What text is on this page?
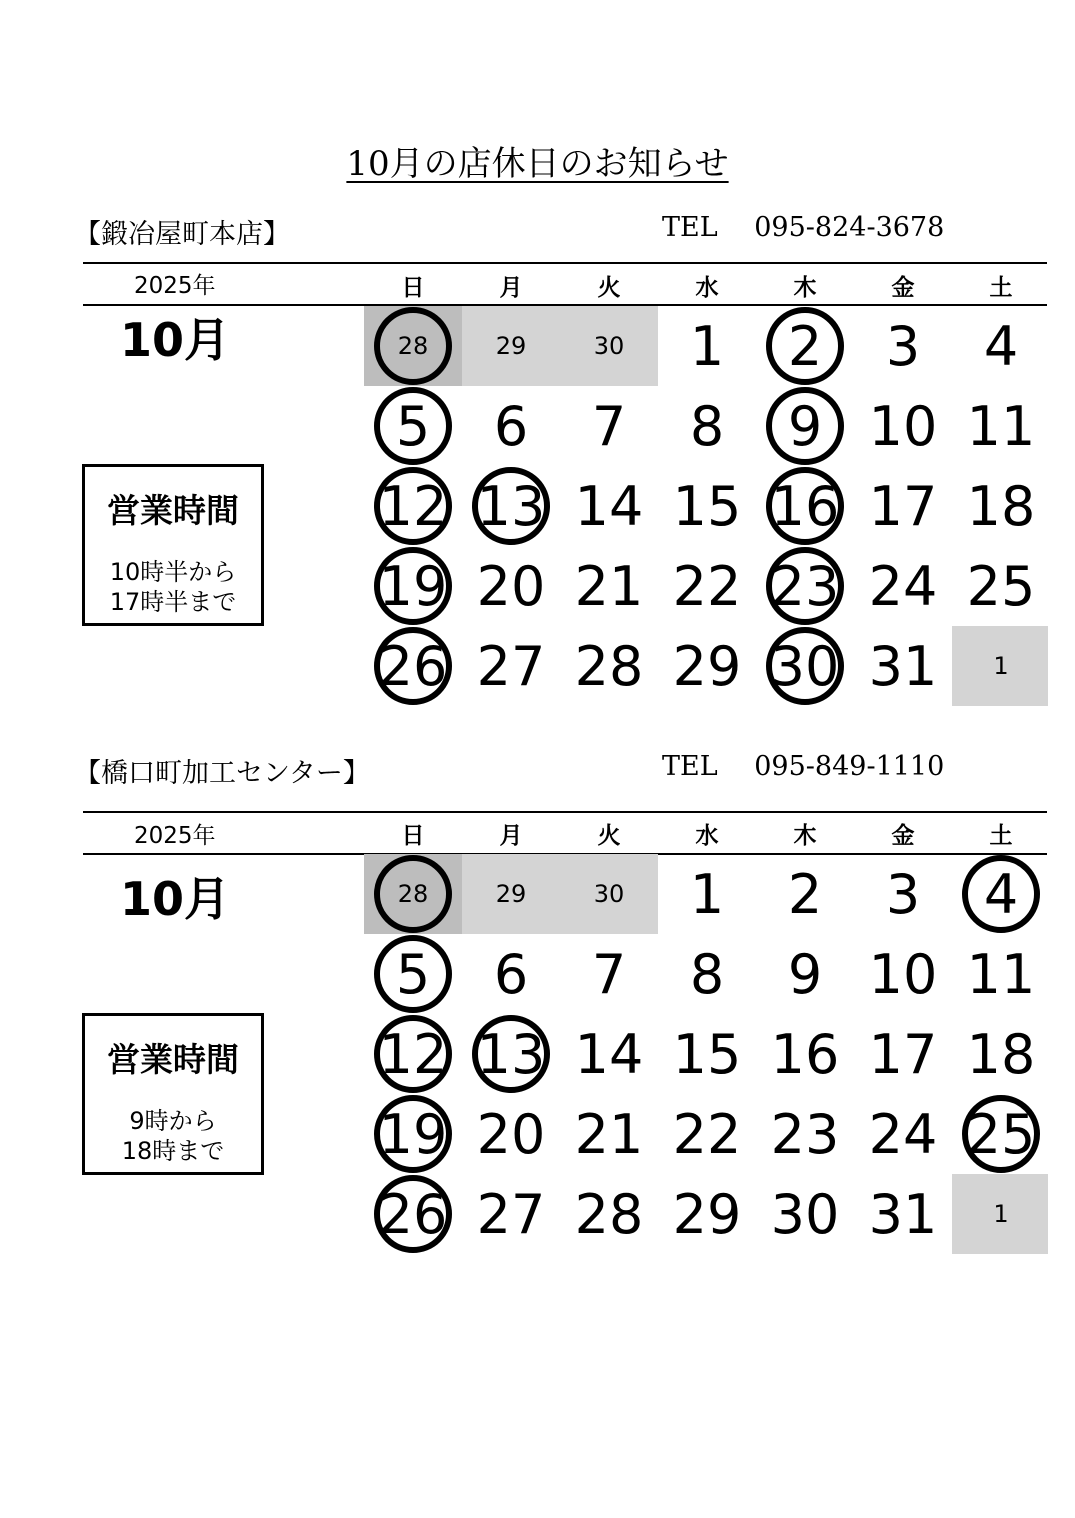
10月の店休日のお知らせ
【鍛冶屋町本店】	TEL 095-824-3678
2025年
10月
営業時間
10時半から
17時半まで
日	月	火	水	木	金	土
28	29	30	1	2	3	4
5	6	7	8	9 10 11
12 13 14 15 16 17 18
19 20 21 22 23 24 25
26 27 28 29 30 31	1
【橋口町加工センター】	TEL 095-849-1110
2025年
10月
営業時間
9時から
18時まで
日	月	火	水	木	金	土
28	29	30	1	2	3	4
5	6	7	8	9 10 11
12 13 14 15 16 17 18
19 20 21 22 23 24 25
26 27 28 29 30 31	1
